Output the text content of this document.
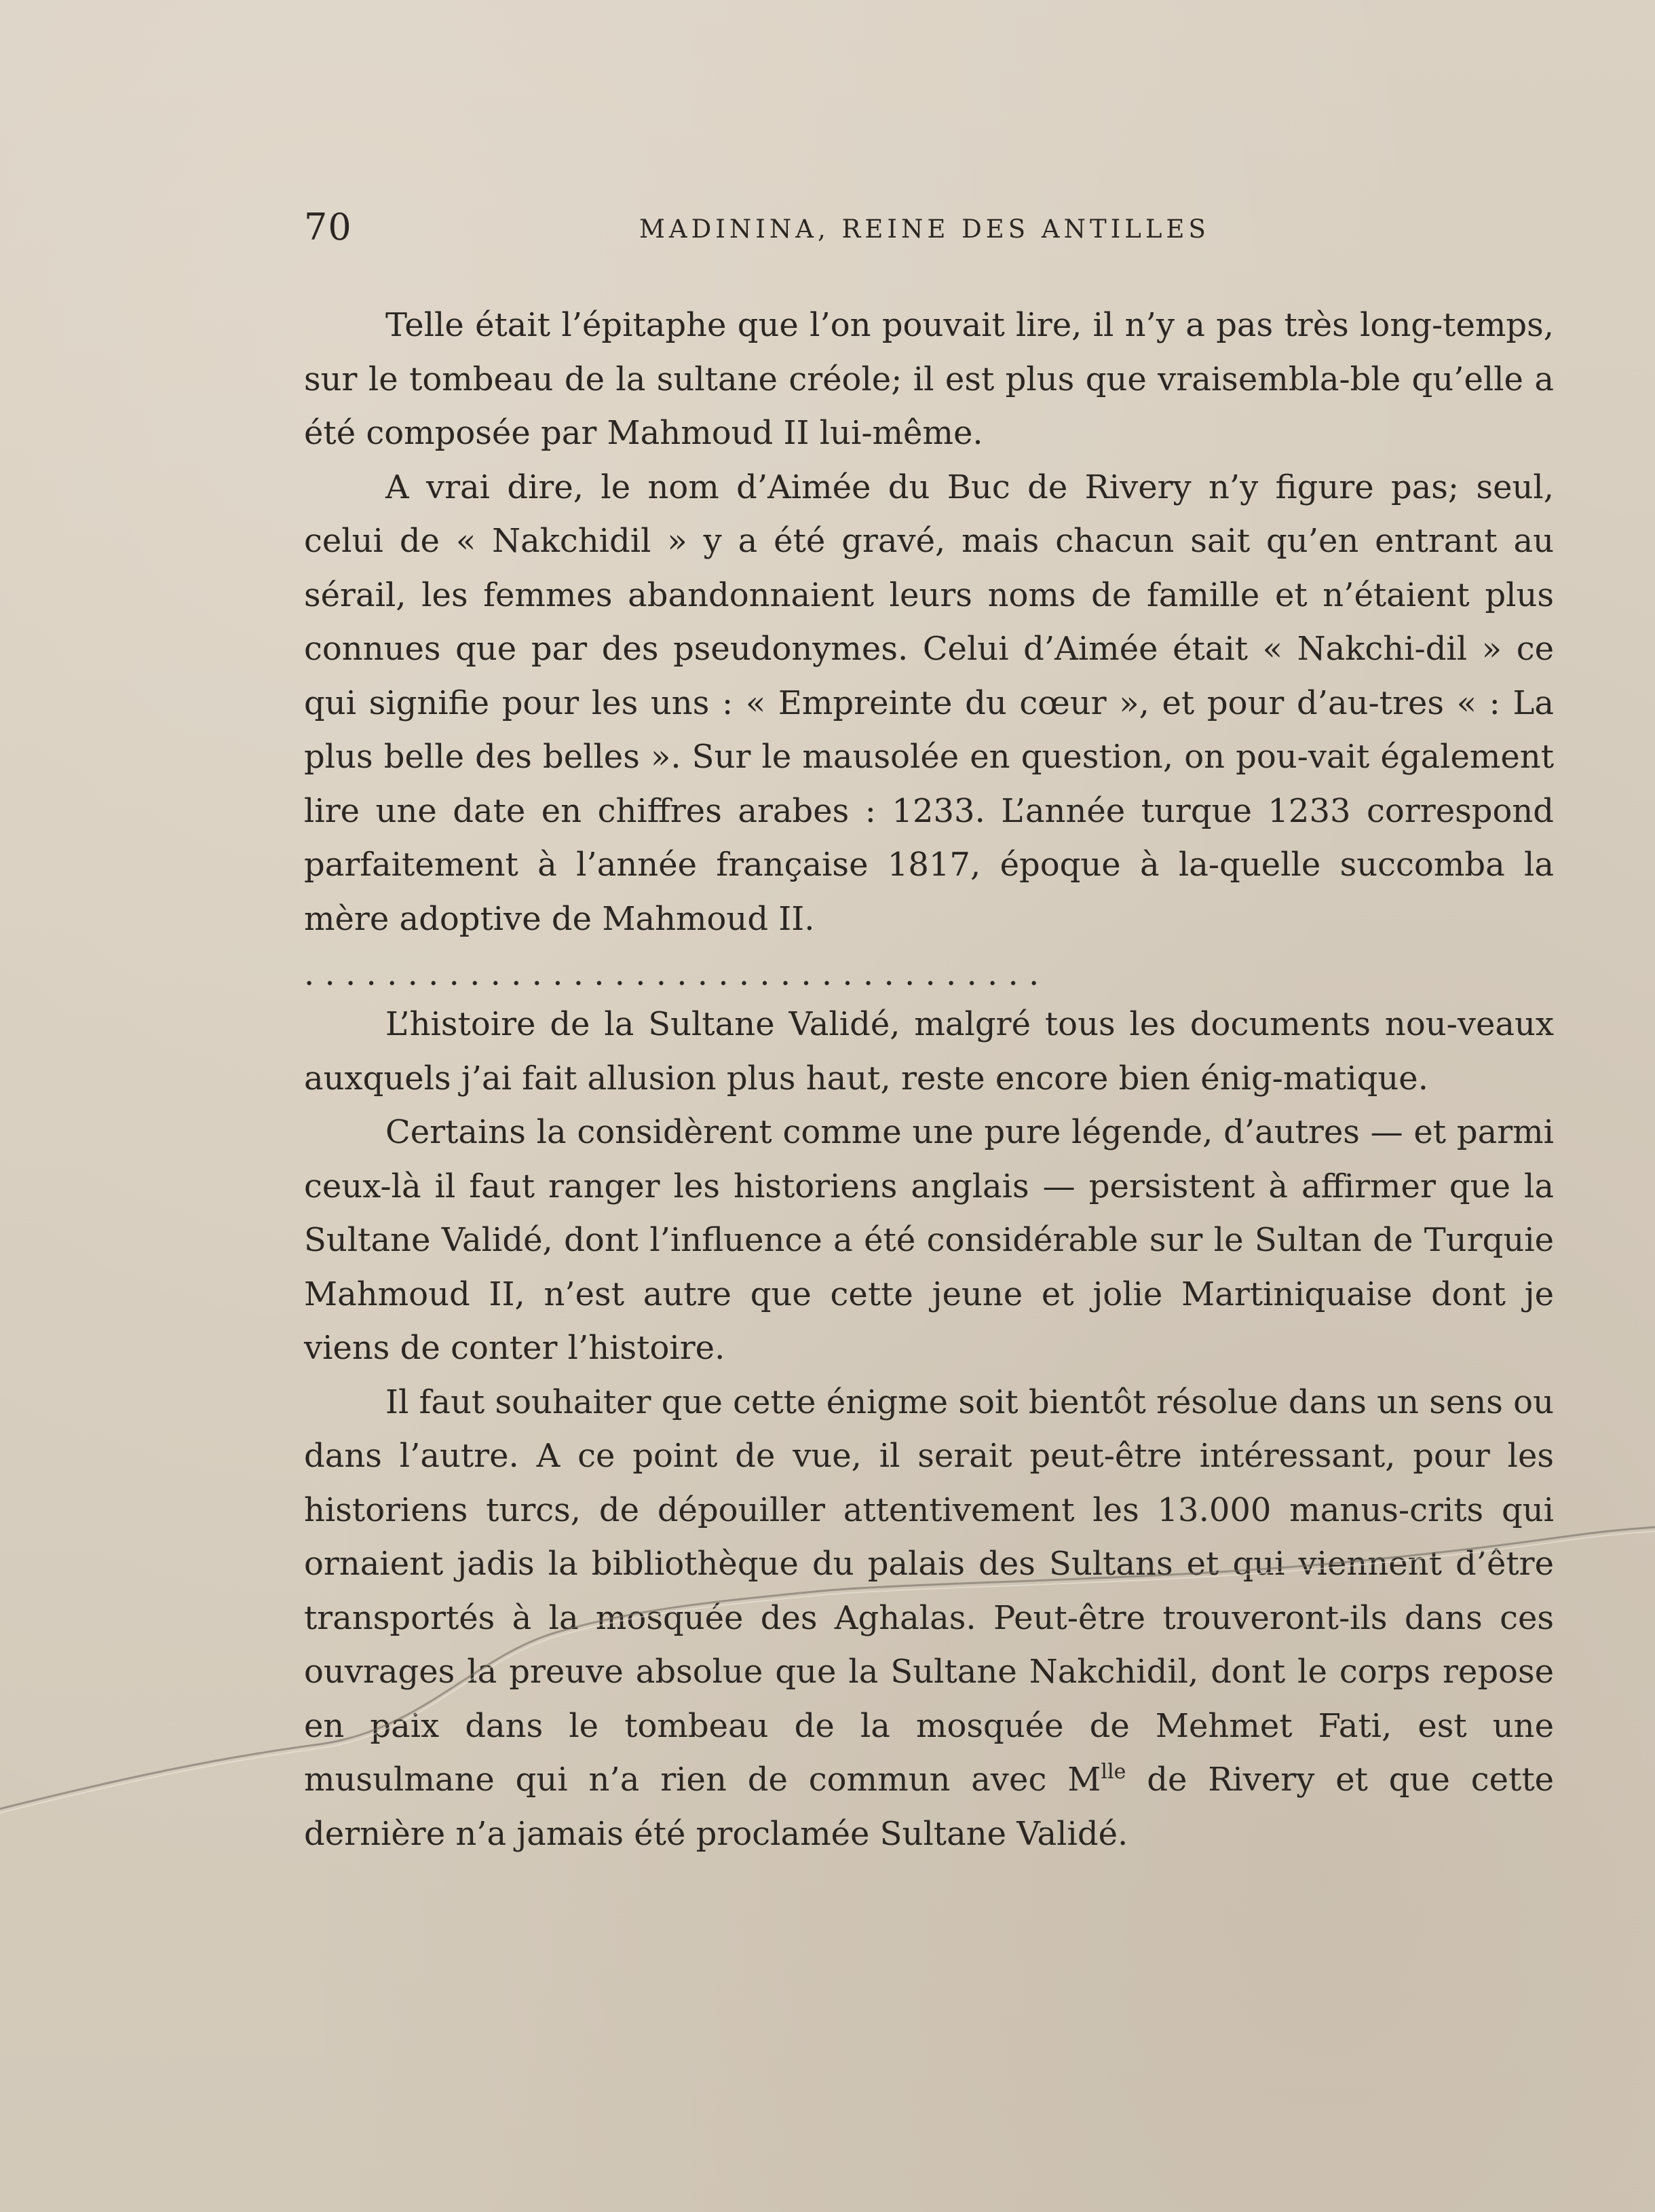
70	MADININA, REINE DES ANTILLES

Telle était l’épitaphe que l’on pouvait lire, il n’y a pas très long-temps, sur le tombeau de la sultane créole; il est plus que vraisembla-ble qu’elle a été composée par Mahmoud II lui-même.

A vrai dire, le nom d’Aimée du Buc de Rivery n’y figure pas; seul, celui de « Nakchidil » y a été gravé, mais chacun sait qu’en entrant au sérail, les femmes abandonnaient leurs noms de famille et n’étaient plus connues que par des pseudonymes. Celui d’Aimée était « Nakchi-dil » ce qui signifie pour les uns : « Empreinte du cœur », et pour d’au-tres « : La plus belle des belles ». Sur le mausolée en question, on pou-vait également lire une date en chiffres arabes : 1233. L’année turque 1233 correspond parfaitement à l’année française 1817, époque à la-quelle succomba la mère adoptive de Mahmoud II.

. . . . . . . . . . . . . . . . . . . . . . . . . . . . . . . . . . . .

L’histoire de la Sultane Validé, malgré tous les documents nou-veaux auxquels j’ai fait allusion plus haut, reste encore bien énig-matique.

Certains la considèrent comme une pure légende, d’autres — et parmi ceux-là il faut ranger les historiens anglais — persistent à affirmer que la Sultane Validé, dont l’influence a été considérable sur le Sultan de Turquie Mahmoud II, n’est autre que cette jeune et jolie Martiniquaise dont je viens de conter l’histoire.

Il faut souhaiter que cette énigme soit bientôt résolue dans un sens ou dans l’autre. A ce point de vue, il serait peut-être intéressant, pour les historiens turcs, de dépouiller attentivement les 13.000 manus-crits qui ornaient jadis la bibliothèque du palais des Sultans et qui viennent d’être transportés à la mosquée des Aghalas. Peut-être trouveront-ils dans ces ouvrages la preuve absolue que la Sultane Nakchidil, dont le corps repose en paix dans le tombeau de la mosquée de Mehmet Fati, est une musulmane qui n’a rien de commun avec $M^{lle}$ de Rivery et que cette dernière n’a jamais été proclamée Sultane Validé.
